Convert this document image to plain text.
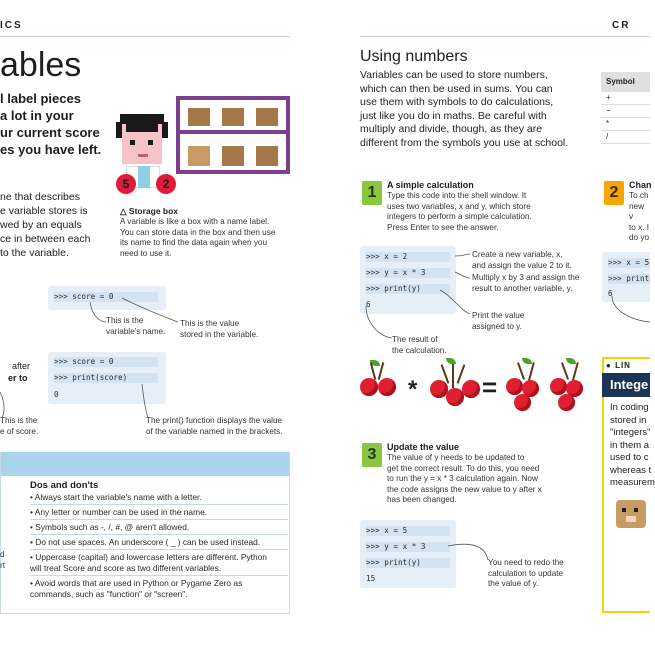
ICS	CR
ables
l label pieces
a lot in your
ur current score
es you have left.
ne that describes
e variable stores is
wed by an equals
ce in between each
to the variable.
5	2
△ Storage box
A variable is like a box with a name label.
You can store data in the box and then use
its name to find the data again when you
need to use it.
>>> score = 0
This is the
variable's name.
This is the value
stored in the variable.
>>> score = 0
>>> print(score)
0
after
er to
This is the
e of score.
The print() function displays the value
of the variable named in the brackets.
Dos and don'ts
• Always start the variable's name with a letter.
• Any letter or number can be used in the name.
• Symbols such as -, /, #, @ aren't allowed.
• Do not use spaces. An underscore ( _ ) can be used instead.
• Uppercase (capital) and lowercase letters are different. Python will treat Score and score as two different variables.
• Avoid words that are used in Python or Pygame Zero as commands, such as "function" or "screen".
d
rt
Using numbers
Variables can be used to store numbers,
which can then be used in sums. You can
use them with symbols to do calculations,
just like you do in maths. Be careful with
multiply and divide, though, as they are
different from the symbols you use at school.
Symbol
+
−
*
/
1	A simple calculation
Type this code into the shell window. It
uses two variables, x and y, which store
integers to perform a simple calculation.
Press Enter to see the answer.
>>> x = 2
>>> y = x * 3
>>> print(y)
6
Create a new variable, x,
and assign the value 2 to it.
Multiply x by 3 and assign the
result to another variable, y.
Print the value
assigned to y.
The result of
the calculation.
2	Chan
To ch
new v
to x. I
do yo
>>> x = 5
>>> print
6
* =
● LIN
Intege
In coding
stored in
"integers"
in them a
used to c
whereas t
measurem
3	Update the value
The value of y needs to be updated to
get the correct result. To do this, you need
to run the y = x * 3 calculation again. Now
the code assigns the new value to y after x
has been changed.
>>> x = 5
>>> y = x * 3
>>> print(y)
15
You need to redo the
calculation to update
the value of y.
